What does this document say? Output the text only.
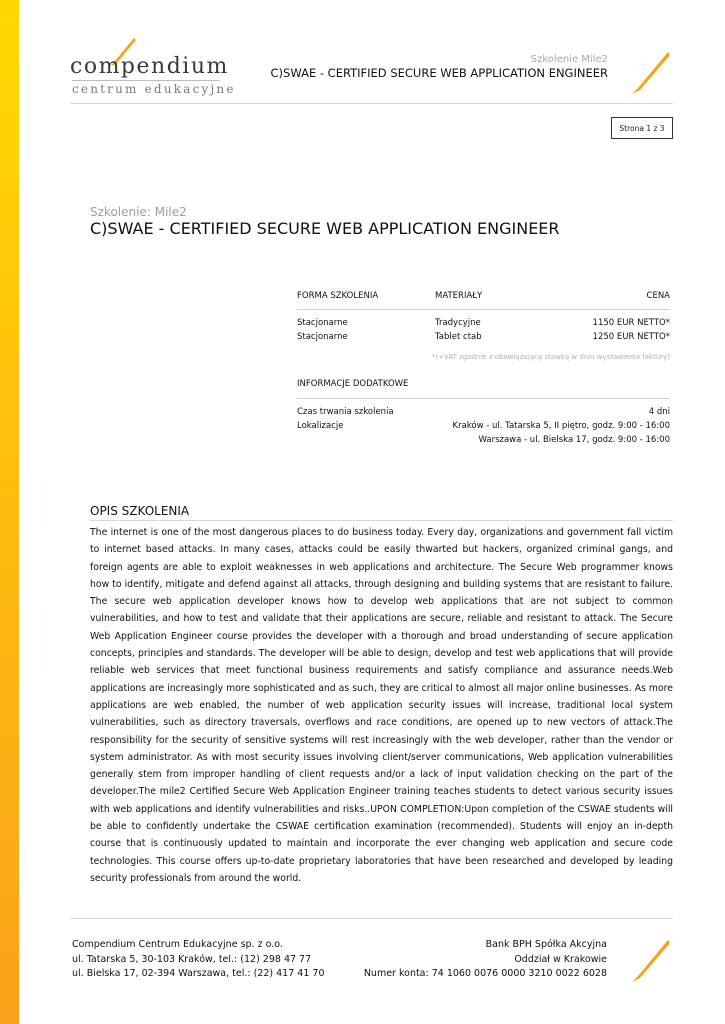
compendium
centrum edukacyjne
Szkolenie Mile2
C)SWAE - CERTIFIED SECURE WEB APPLICATION ENGINEER
Strona 1 z 3
Szkolenie: Mile2
C)SWAE - CERTIFIED SECURE WEB APPLICATION ENGINEER
FORMA SZKOLENIA	MATERIAŁY	CENA
Stacjonarne	Tradycyjne	1150 EUR NETTO*
Stacjonarne	Tablet ctab	1250 EUR NETTO*
*(+VAT zgodnie z obowiązującą stawką w dniu wystawienia faktury)
INFORMACJE DODATKOWE
Czas trwania szkolenia	4 dni
Lokalizacje	Kraków - ul. Tatarska 5, II piętro, godz. 9:00 - 16:00
Warszawa - ul. Bielska 17, godz. 9:00 - 16:00
OPIS SZKOLENIA
The internet is one of the most dangerous places to do business today. Every day, organizations and government fall victim to internet based attacks. In many cases, attacks could be easily thwarted but hackers, organized criminal gangs, and foreign agents are able to exploit weaknesses in web applications and architecture. The Secure Web programmer knows how to identify, mitigate and defend against all attacks, through designing and building systems that are resistant to failure. The secure web application developer knows how to develop web applications that are not subject to common vulnerabilities, and how to test and validate that their applications are secure, reliable and resistant to attack. The Secure Web Application Engineer course provides the developer with a thorough and broad understanding of secure application concepts, principles and standards. The developer will be able to design, develop and test web applications that will provide reliable web services that meet functional business requirements and satisfy compliance and assurance needs.Web applications are increasingly more sophisticated and as such, they are critical to almost all major online businesses. As more applications are web enabled, the number of web application security issues will increase, traditional local system vulnerabilities, such as directory traversals, overflows and race conditions, are opened up to new vectors of attack.The responsibility for the security of sensitive systems will rest increasingly with the web developer, rather than the vendor or system administrator. As with most security issues involving client/server communications, Web application vulnerabilities generally stem from improper handling of client requests and/or a lack of input validation checking on the part of the developer.The mile2 Certified Secure Web Application Engineer training teaches students to detect various security issues with web applications and identify vulnerabilities and risks..UPON COMPLETION:Upon completion of the CSWAE students will be able to confidently undertake the CSWAE certification examination (recommended). Students will enjoy an in-depth course that is continuously updated to maintain and incorporate the ever changing web application and secure code technologies. This course offers up-to-date proprietary laboratories that have been researched and developed by leading security professionals from around the world.
Compendium Centrum Edukacyjne sp. z o.o.
ul. Tatarska 5, 30-103 Kraków, tel.: (12) 298 47 77
ul. Bielska 17, 02-394 Warszawa, tel.: (22) 417 41 70
Bank BPH Spółka Akcyjna
Oddział w Krakowie
Numer konta: 74 1060 0076 0000 3210 0022 6028
